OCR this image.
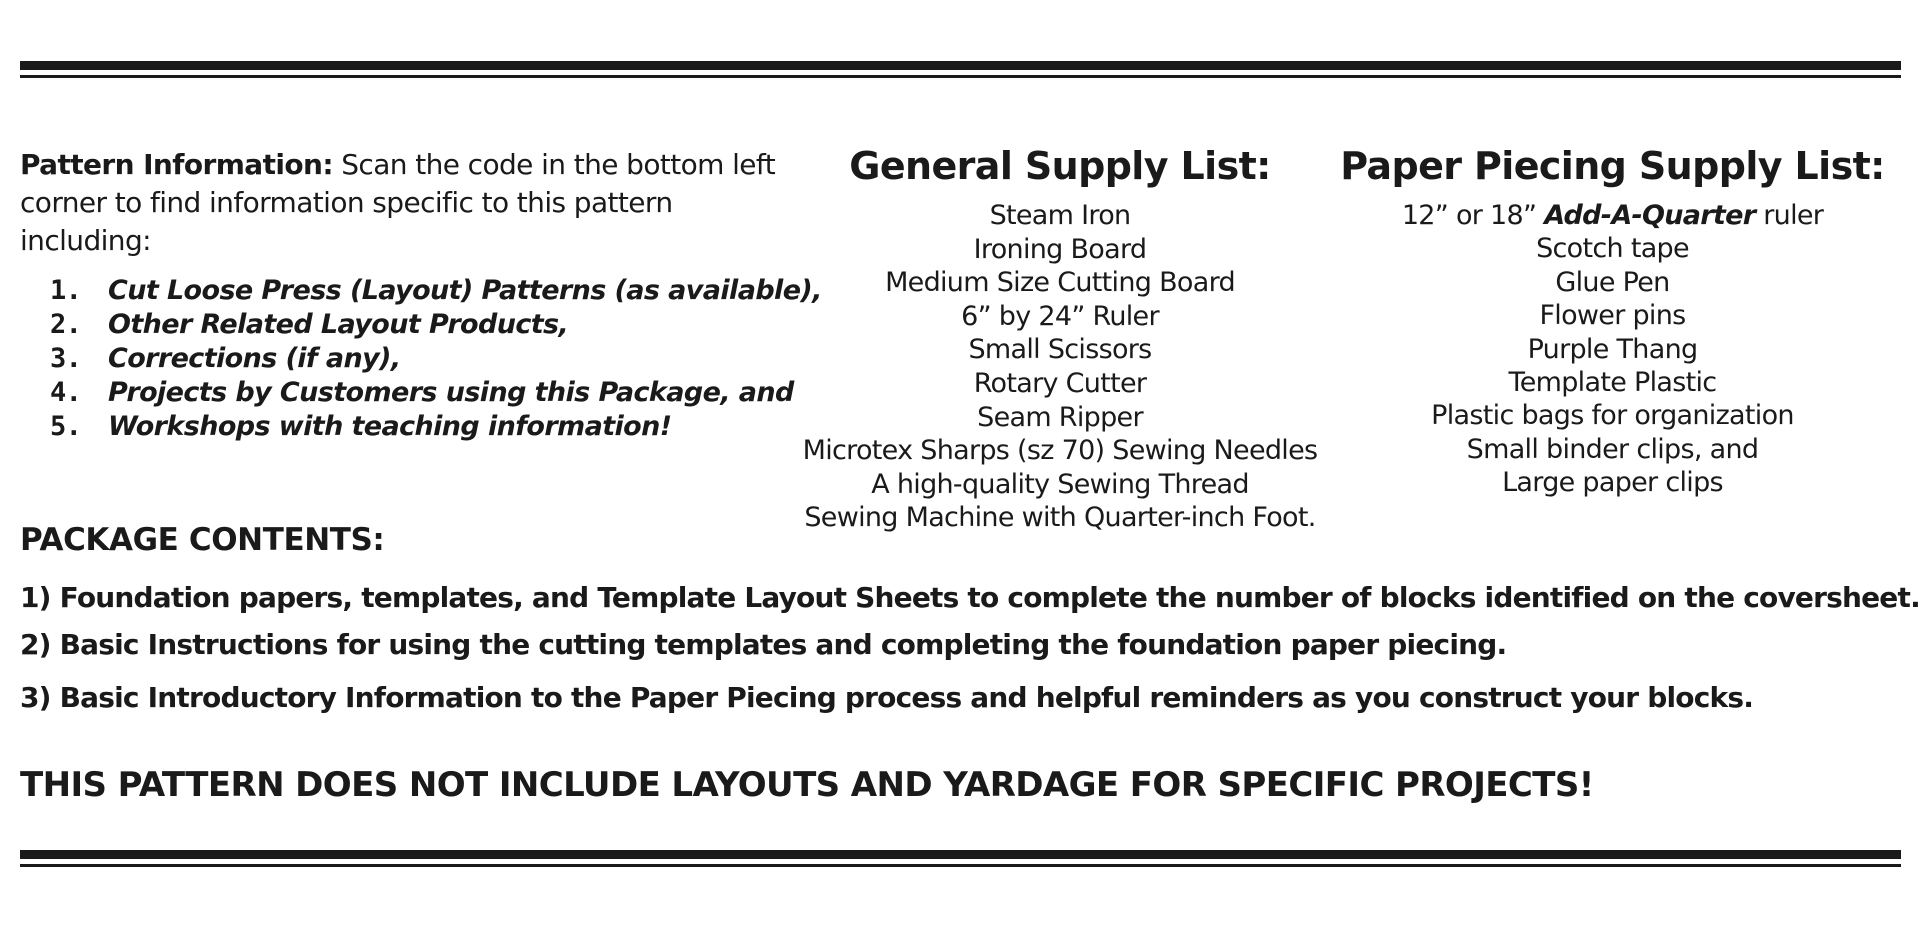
Pattern Information: Scan the code in the bottom left corner to find information specific to this pattern including:
1. Cut Loose Press (Layout) Patterns (as available),
2. Other Related Layout Products,
3. Corrections (if any),
4. Projects by Customers using this Package, and
5. Workshops with teaching information!
General Supply List:
Steam Iron
Ironing Board
Medium Size Cutting Board
6” by 24” Ruler
Small Scissors
Rotary Cutter
Seam Ripper
Microtex Sharps (sz 70) Sewing Needles
A high-quality Sewing Thread
Sewing Machine with Quarter-inch Foot.
Paper Piecing Supply List:
12” or 18” Add-A-Quarter ruler
Scotch tape
Glue Pen
Flower pins
Purple Thang
Template Plastic
Plastic bags for organization
Small binder clips, and
Large paper clips
PACKAGE CONTENTS:

1) Foundation papers, templates, and Template Layout Sheets to complete the number of blocks identified on the coversheet.

2) Basic Instructions for using the cutting templates and completing the foundation paper piecing.

3) Basic Introductory Information to the Paper Piecing process and helpful reminders as you construct your blocks.

THIS PATTERN DOES NOT INCLUDE LAYOUTS AND YARDAGE FOR SPECIFIC PROJECTS!
